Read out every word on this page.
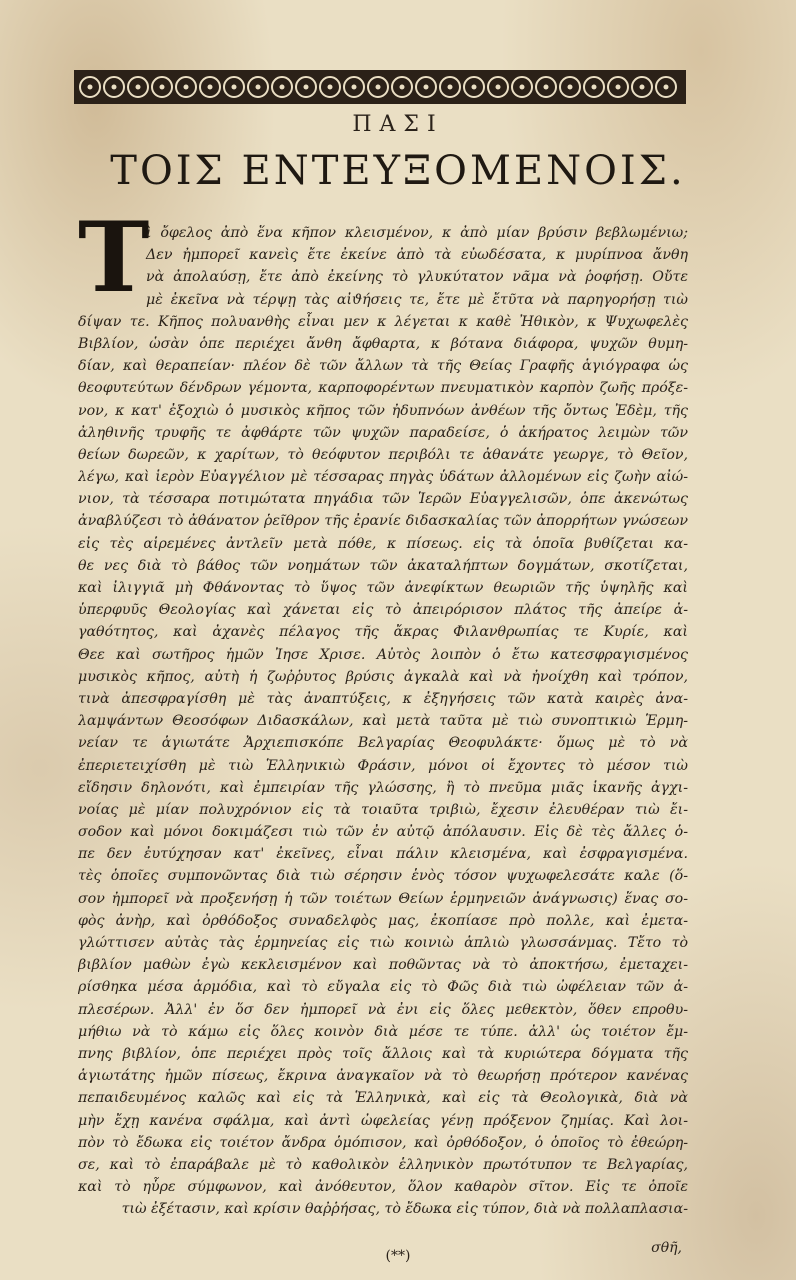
ΠΑΣΙ
ΤΟΙΣ ΕΝΤΕΥΞΟΜΕΝΟΙΣ.
T
ὶ ὄφελος ἀπὸ ἕνα κῆπον κλεισμένον, κ ἀπὸ μίαν βρύσιν βεβλωμένιω;
Δεν ἠμπορεῖ κανεὶς ἔτε ἐκείνε ἀπὸ τὰ εὐωδέσατα, κ μυρίπνοα ἄνθη
νὰ ἀπολαύσῃ, ἔτε ἀπὸ ἐκείνης τὸ γλυκύτατον νᾶμα νὰ ῥοφήσῃ. Οὔτε
μὲ ἐκεῖνα νὰ τέρψῃ τὰς αἰϑήσεις τε, ἔτε μὲ ἔτῦτα νὰ παρηγορήσῃ τιὼ
δίψαν τε. Κῆπος πολυανθὴς εἶναι μεν κ λέγεται κ καθὲ Ἠθικὸν, κ Ψυχωφελὲς
Βιβλίον, ὡσὰν ὁπε περιέχει ἄνθη ἄφθαρτα, κ βότανα διάφορα, ψυχῶν θυμη-
δίαν, καὶ θεραπείαν· πλέον δὲ τῶν ἄλλων τὰ τῆς Θείας Γραφῆς ἁγιόγραφα ὡς
θεοφυτεύτων δένδρων γέμοντα, καρποφορέντων πνευματικὸν καρπὸν ζωῆς πρόξε-
νον, κ κατ' ἐξοχιὼ ὁ μυσικὸς κῆπος τῶν ἠδυπνόων ἀνθέων τῆς ὄντως Ἐδὲμ, τῆς
ἀληθινῆς τρυφῆς τε ἀφθάρτε τῶν ψυχῶν παραδείσε, ὁ ἀκήρατος λειμὼν τῶν
θείων δωρεῶν, κ χαρίτων, τὸ θεόφυτον περιβόλι τε ἀθανάτε γεωργε, τὸ Θεῖον,
λέγω, καὶ ἱερὸν Εὐαγγέλιον μὲ τέσσαρας πηγὰς ὑδάτων ἀλλομένων εἰς ζωὴν αἰώ-
νιον, τὰ τέσσαρα ποτιμώτατα πηγάδια τῶν Ἱερῶν Εὐαγγελισῶν, ὁπε ἀκενώτως
ἀναβλύζεσι τὸ ἀθάνατον ῥεῖθρον τῆς ἐρανίε διδασκαλίας τῶν ἀπορρήτων γνώσεων
εἰς τὲς αἱρεμένες ἀντλεῖν μετὰ πόθε, κ πίσεως. εἰς τὰ ὁποῖα βυθίζεται κα-
θε νες διὰ τὸ βάθος τῶν νοημάτων τῶν ἀκαταλήπτων δογμάτων, σκοτίζεται,
καὶ ἰλιγγιᾶ μὴ Φθάνοντας τὸ ὕψος τῶν ἀνεφίκτων θεωριῶν τῆς ὑψηλῆς καὶ
ὑπερφυῦς Θεολογίας καὶ χάνεται εἰς τὸ ἀπειρόρισον πλάτος τῆς ἀπείρε ἀ-
γαθότητος, καὶ ἀχανὲς πέλαγος τῆς ἄκρας Φιλανθρωπίας τε Κυρίε, καὶ
Θεε καὶ σωτῆρος ἡμῶν Ἰησε Χρισε. Αὐτὸς λοιπὸν ὁ ἔτω κατεσφραγισμένος
μυσικὸς κῆπος, αὐτὴ ἡ ζωῤῥυτος βρύσις ἀγκαλὰ καὶ νὰ ἠνοίχθη καὶ τρόπον,
τινὰ ἀπεσφραγίσθη μὲ τὰς ἀναπτύξεις, κ ἐξηγήσεις τῶν κατὰ καιρὲς ἀνα-
λαμψάντων Θεοσόφων Διδασκάλων, καὶ μετὰ ταῦτα μὲ τιὼ συνοπτικιὼ Ἑρμη-
νείαν τε ἁγιωτάτε Ἀρχιεπισκόπε Βελγαρίας Θεοφυλάκτε· ὅμως μὲ τὸ νὰ
ἐπεριετειχίσθη μὲ τιὼ Ἑλληνικιὼ Φράσιν, μόνοι οἱ ἔχοντες τὸ μέσον τιὼ
εἴδησιν δηλονότι, καὶ ἐμπειρίαν τῆς γλώσσης, ἢ τὸ πνεῦμα μιᾶς ἱκανῆς ἀγχι-
νοίας μὲ μίαν πολυχρόνιον εἰς τὰ τοιαῦτα τριβιὼ, ἔχεσιν ἐλευθέραν τιὼ ἔι-
σοδον καὶ μόνοι δοκιμάζεσι τιὼ τῶν ἐν αὐτῷ ἀπόλαυσιν. Εἰς δὲ τὲς ἄλλες ὁ-
πε δεν ἐυτύχησαν κατ' ἐκεῖνες, εἶναι πάλιν κλεισμένα, καὶ ἐσφραγισμένα.
τὲς ὁποῖες συμπονῶντας διὰ τιὼ σέρησιν ἑνὸς τόσον ψυχωφελεσάτε καλε (ὅ-
σον ἠμπορεῖ νὰ προξενήσῃ ἡ τῶν τοιέτων Θείων ἑρμηνειῶν ἀνάγνωσις) ἕνας σο-
φὸς ἀνὴρ, καὶ ὀρθόδοξος συναδελφὸς μας, ἐκοπίασε πρὸ πολλε, καὶ ἐμετα-
γλώττισεν αὐτὰς τὰς ἑρμηνείας εἰς τιὼ κοινιὼ ἁπλιὼ γλωσσάνμας. Τἔτο τὸ
βιβλίον μαθὼν ἐγὼ κεκλεισμένον καὶ ποθῶντας νὰ τὸ ἀποκτήσω, ἐμεταχει-
ρίσθηκα μέσα ἁρμόδια, καὶ τὸ εὔγαλα εἰς τὸ Φῶς διὰ τιὼ ὠφέλειαν τῶν ἀ-
πλεσέρων. Ἀλλ' ἐν ὅσ δεν ἠμπορεῖ νὰ ἐνι εἰς ὅλες μεθεκτὸν, ὅθεν επροθυ-
μήθιω νὰ τὸ κάμω εἰς ὅλες κοινὸν διὰ μέσε τε τύπε. ἀλλ' ὡς τοιέτον ἔμ-
πνης βιβλίον, ὁπε περιέχει πρὸς τοῖς ἄλλοις καὶ τὰ κυριώτερα δόγματα τῆς
ἁγιωτάτης ἡμῶν πίσεως, ἔκρινα ἀναγκαῖον νὰ τὸ θεωρήσῃ πρότερον κανένας
πεπαιδευμένος καλῶς καὶ εἰς τὰ Ἑλληνικὰ, καὶ εἰς τὰ Θεολογικὰ, διὰ νὰ
μὴν ἔχῃ κανένα σφάλμα, καὶ ἀντὶ ὠφελείας γένῃ πρόξενον ζημίας. Καὶ λοι-
πὸν τὸ ἔδωκα εἰς τοιέτον ἄνδρα ὁμόπισον, καὶ ὀρθόδοξον, ὁ ὁποῖος τὸ ἐθεώρη-
σε, καὶ τὸ ἐπαράβαλε μὲ τὸ καθολικὸν ἑλληνικὸν πρωτότυπον τε Βελγαρίας,
καὶ τὸ ηὗρε σύμφωνον, καὶ ἀνόθευτον, ὅλον καθαρὸν σῖτον. Εἰς τε ὁποῖε
τιὼ ἐξέτασιν, καὶ κρίσιν θαῤῥήσας, τὸ ἔδωκα εἰς τύπον, διὰ νὰ πολλαπλασια-
(**)	σθῆ,
